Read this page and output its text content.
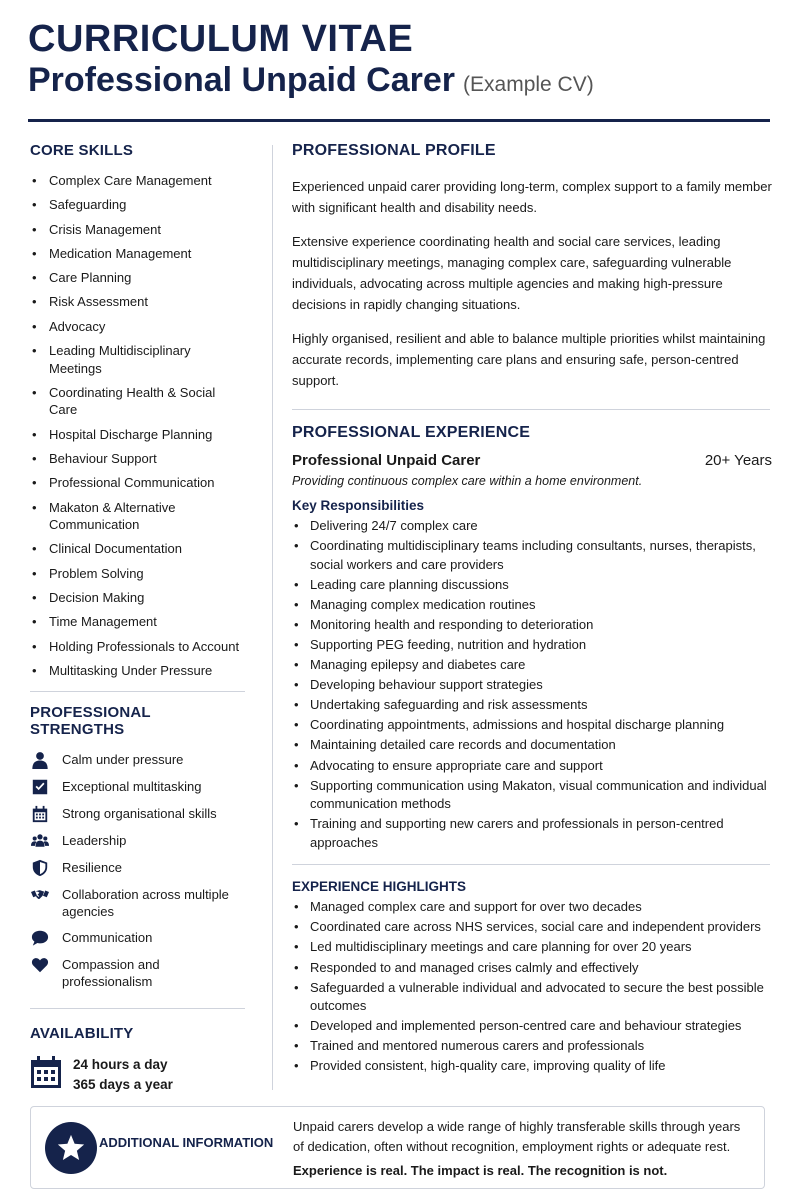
CURRICULUM VITAE
Professional Unpaid Carer (Example CV)
CORE SKILLS
• Complex Care Management
• Safeguarding
• Crisis Management
• Medication Management
• Care Planning
• Risk Assessment
• Advocacy
• Leading Multidisciplinary Meetings
• Coordinating Health & Social Care
• Hospital Discharge Planning
• Behaviour Support
• Professional Communication
• Makaton & Alternative Communication
• Clinical Documentation
• Problem Solving
• Decision Making
• Time Management
• Holding Professionals to Account
• Multitasking Under Pressure
PROFESSIONAL STRENGTHS
Calm under pressure
Exceptional multitasking
Strong organisational skills
Leadership
Resilience
Collaboration across multiple agencies
Communication
Compassion and professionalism
AVAILABILITY
24 hours a day
365 days a year
PROFESSIONAL PROFILE

Experienced unpaid carer providing long-term, complex support to a family member with significant health and disability needs.

Extensive experience coordinating health and social care services, leading multidisciplinary meetings, managing complex care, safeguarding vulnerable individuals, advocating across multiple agencies and making high-pressure decisions in rapidly changing situations.

Highly organised, resilient and able to balance multiple priorities whilst maintaining accurate records, implementing care plans and ensuring safe, person-centred support.

PROFESSIONAL EXPERIENCE
Professional Unpaid Carer	20+ Years
Providing continuous complex care within a home environment.
Key Responsibilities
• Delivering 24/7 complex care
• Coordinating multidisciplinary teams including consultants, nurses, therapists, social workers and care providers
• Leading care planning discussions
• Managing complex medication routines
• Monitoring health and responding to deterioration
• Supporting PEG feeding, nutrition and hydration
• Managing epilepsy and diabetes care
• Developing behaviour support strategies
• Undertaking safeguarding and risk assessments
• Coordinating appointments, admissions and hospital discharge planning
• Maintaining detailed care records and documentation
• Advocating to ensure appropriate care and support
• Supporting communication using Makaton, visual communication and individual communication methods
• Training and supporting new carers and professionals in person-centred approaches
EXPERIENCE HIGHLIGHTS
• Managed complex care and support for over two decades
• Coordinated care across NHS services, social care and independent providers
• Led multidisciplinary meetings and care planning for over 20 years
• Responded to and managed crises calmly and effectively
• Safeguarded a vulnerable individual and advocated to secure the best possible outcomes
• Developed and implemented person-centred care and behaviour strategies
• Trained and mentored numerous carers and professionals
• Provided consistent, high-quality care, improving quality of life
ADDITIONAL INFORMATION
Unpaid carers develop a wide range of highly transferable skills through years of dedication, often without recognition, employment rights or adequate rest.
Experience is real. The impact is real. The recognition is not.
